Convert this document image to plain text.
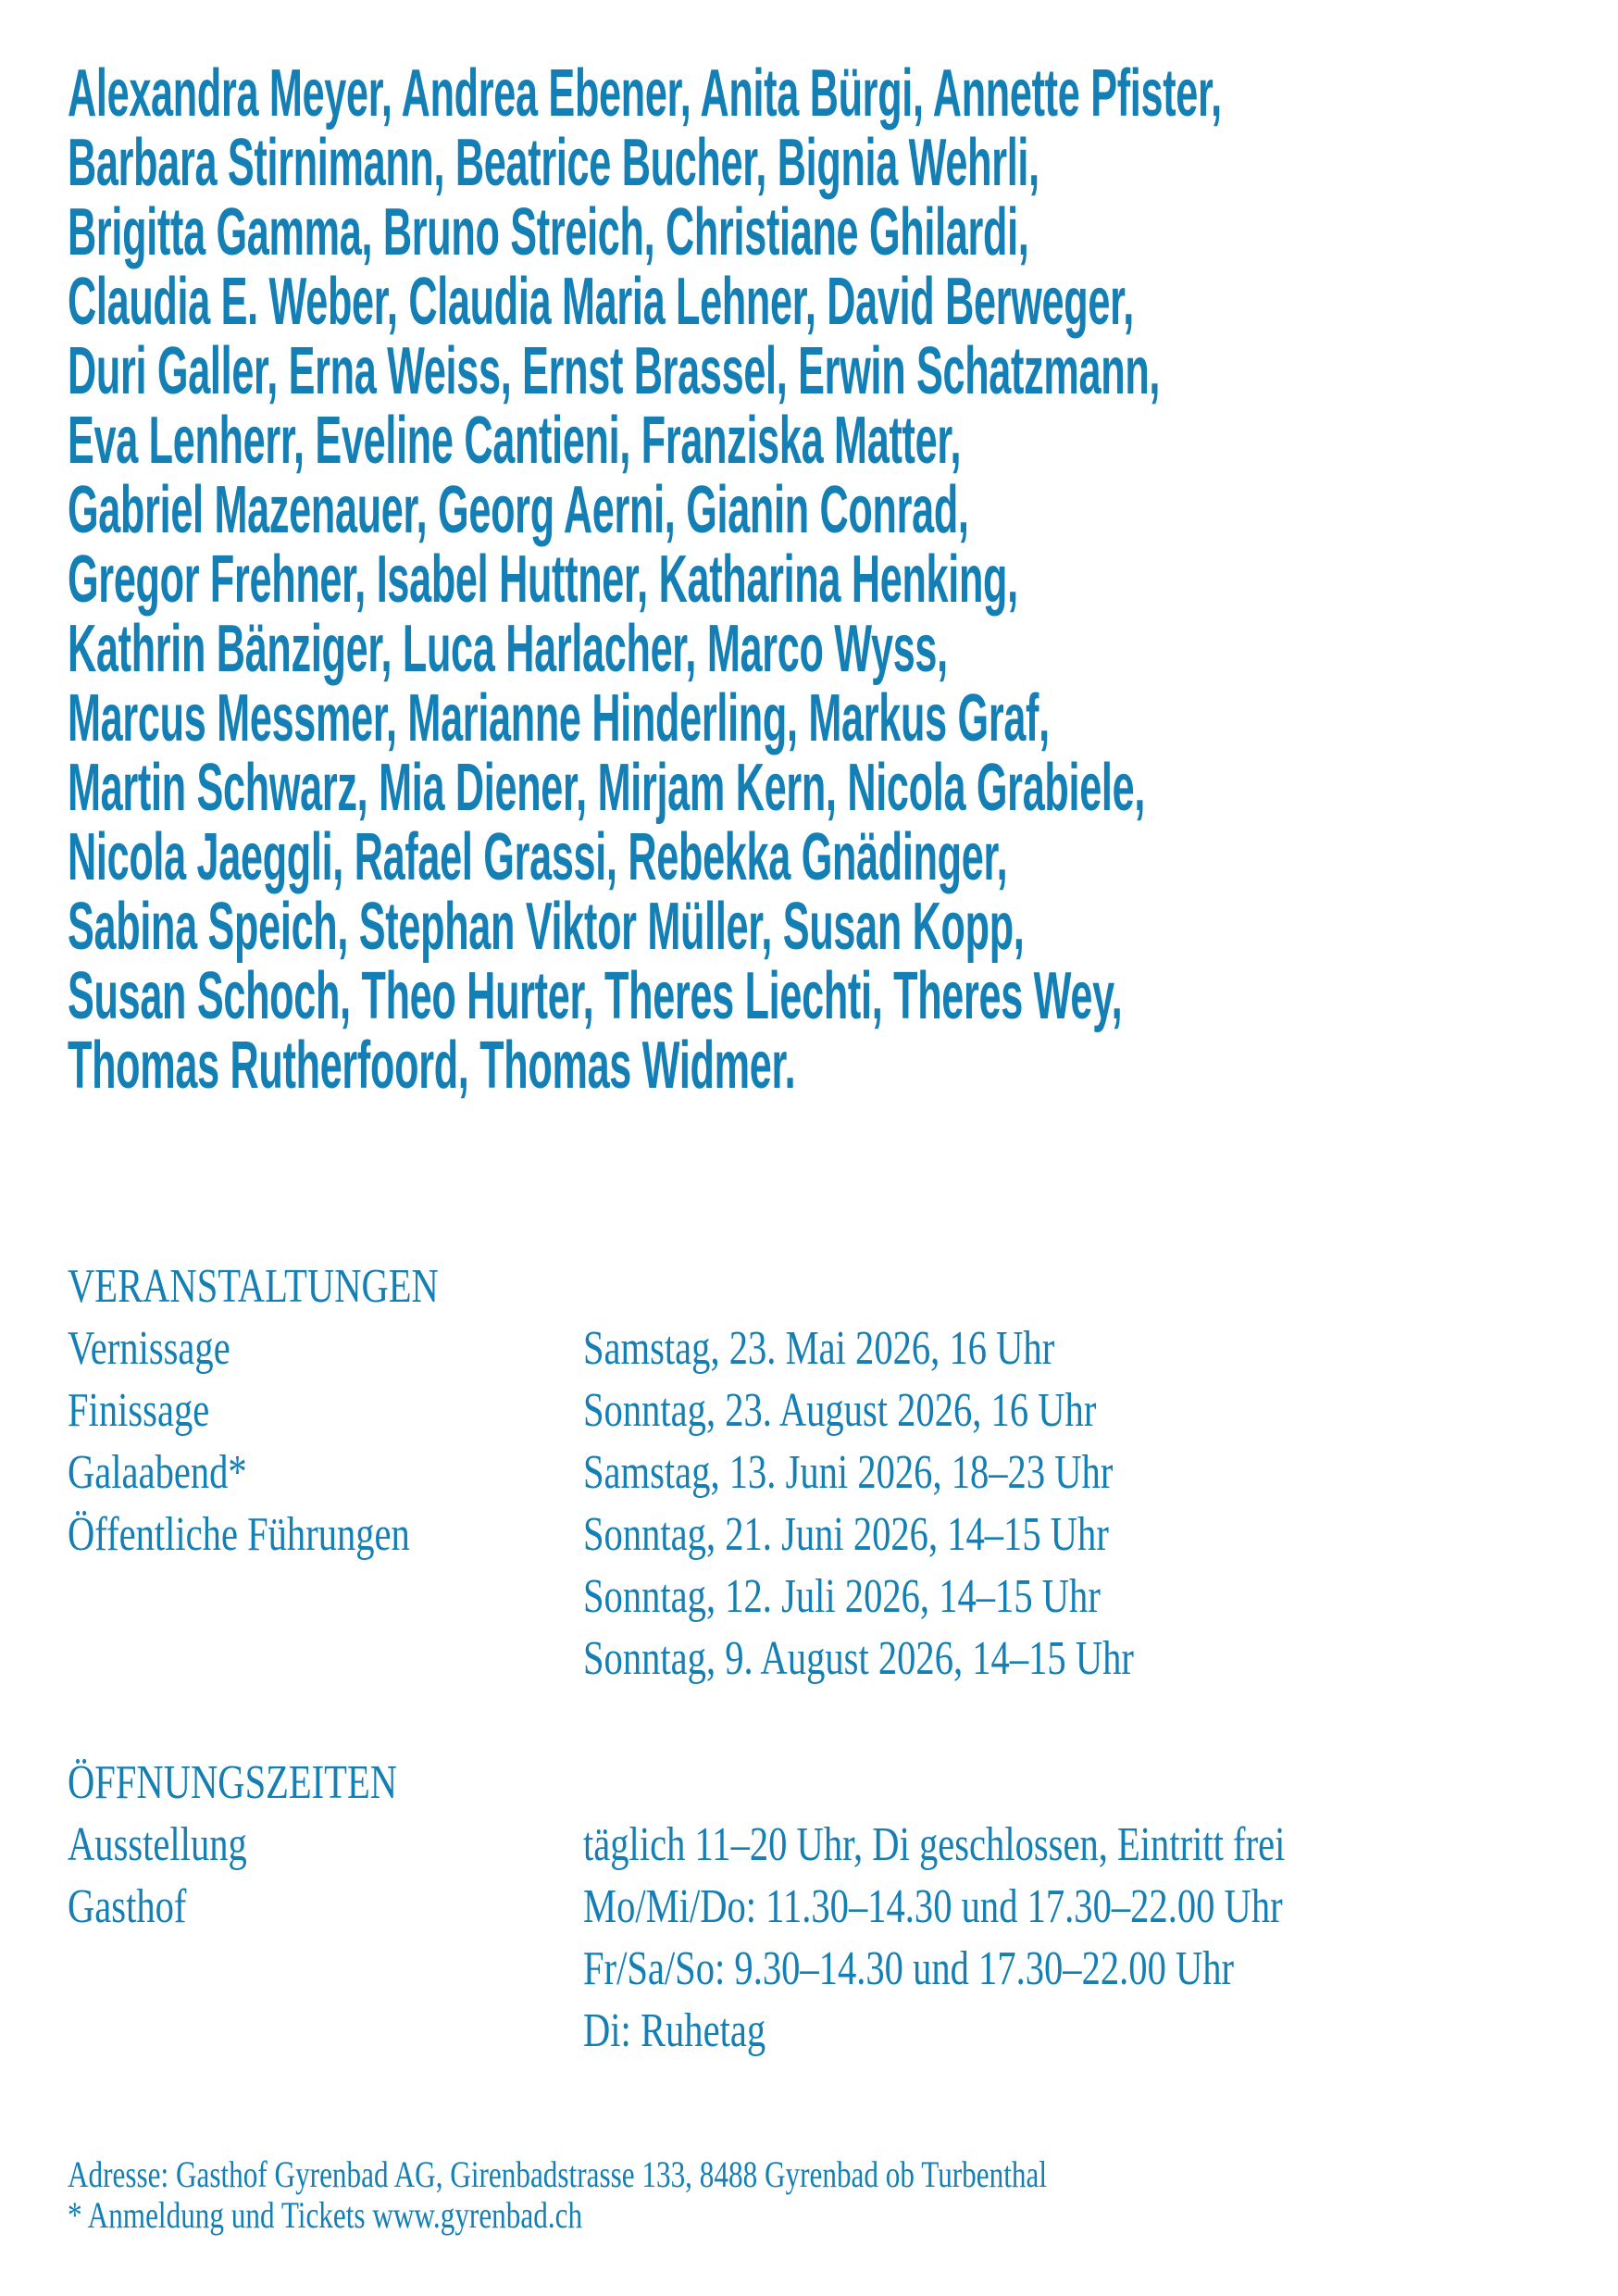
Alexandra Meyer, Andrea Ebener, Anita Bürgi, Annette Pfister,
Barbara Stirnimann, Beatrice Bucher, Bignia Wehrli,
Brigitta Gamma, Bruno Streich, Christiane Ghilardi,
Claudia E. Weber, Claudia Maria Lehner, David Berweger,
Duri Galler, Erna Weiss, Ernst Brassel, Erwin Schatzmann,
Eva Lenherr, Eveline Cantieni, Franziska Matter,
Gabriel Mazenauer, Georg Aerni, Gianin Conrad,
Gregor Frehner, Isabel Huttner, Katharina Henking,
Kathrin Bänziger, Luca Harlacher, Marco Wyss,
Marcus Messmer, Marianne Hinderling, Markus Graf,
Martin Schwarz, Mia Diener, Mirjam Kern, Nicola Grabiele,
Nicola Jaeggli, Rafael Grassi, Rebekka Gnädinger,
Sabina Speich, Stephan Viktor Müller, Susan Kopp,
Susan Schoch, Theo Hurter, Theres Liechti, Theres Wey,
Thomas Rutherfoord, Thomas Widmer.
VERANSTALTUNGEN
Vernissage	Samstag, 23. Mai 2026, 16 Uhr
Finissage	Sonntag, 23. August 2026, 16 Uhr
Galaabend*	Samstag, 13. Juni 2026, 18–23 Uhr
Öffentliche Führungen	Sonntag, 21. Juni 2026, 14–15 Uhr
Sonntag, 12. Juli 2026, 14–15 Uhr
Sonntag, 9. August 2026, 14–15 Uhr
ÖFFNUNGSZEITEN
Ausstellung	täglich 11–20 Uhr, Di geschlossen, Eintritt frei
Gasthof	Mo/Mi/Do: 11.30–14.30 und 17.30–22.00 Uhr
Fr/Sa/So: 9.30–14.30 und 17.30–22.00 Uhr
Di: Ruhetag
Adresse: Gasthof Gyrenbad AG, Girenbadstrasse 133, 8488 Gyrenbad ob Turbenthal
* Anmeldung und Tickets www.gyrenbad.ch
